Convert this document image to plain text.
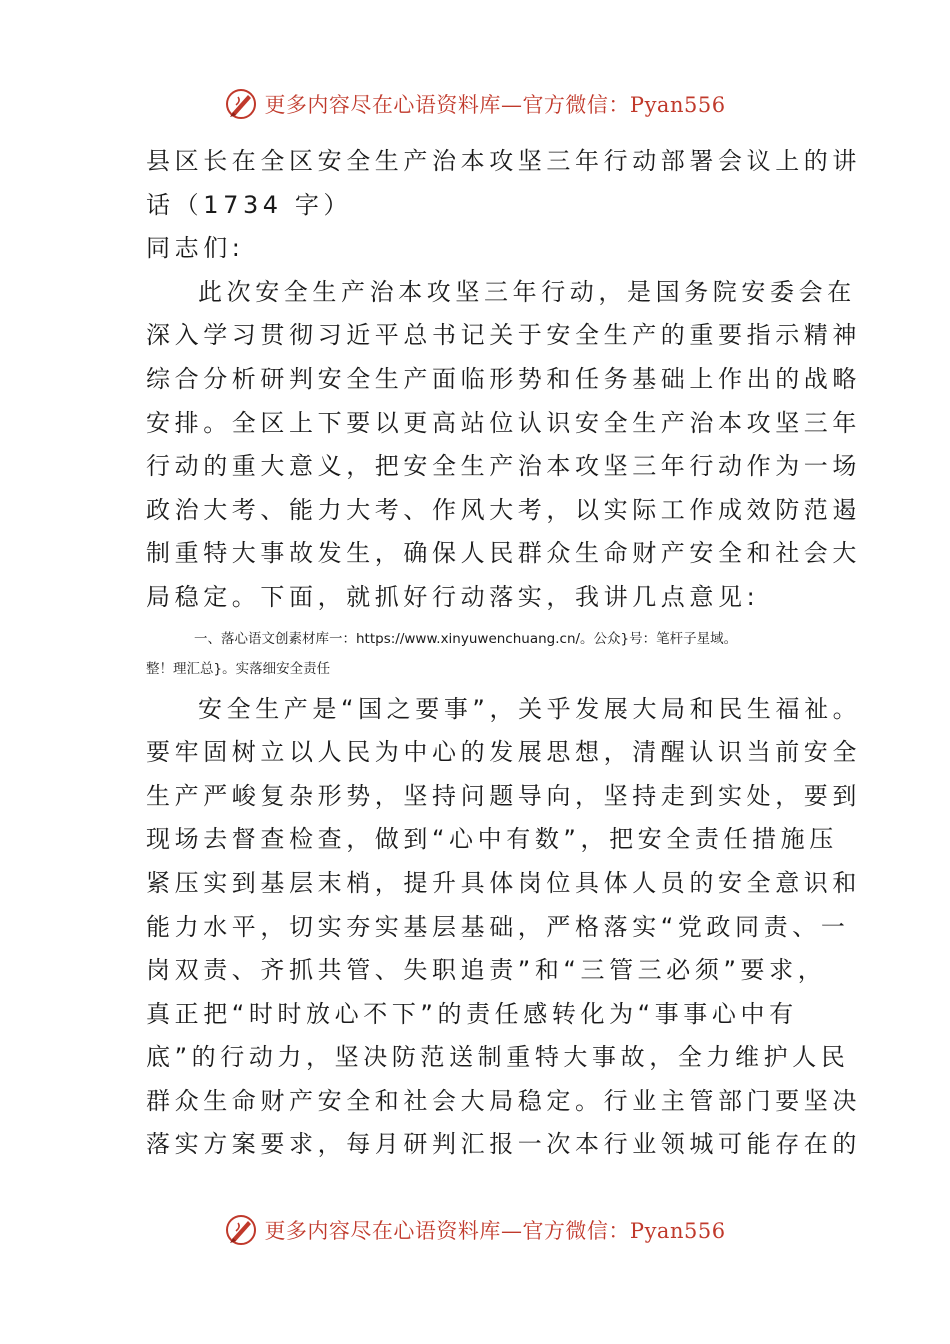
更多内容尽在心语资料库—官方微信：Pyan556
县区长在全区安全生产治本攻坚三年行动部署会议上的讲
话（1734 字）
同志们:
此次安全生产治本攻坚三年行动，是国务院安委会在
深入学习贯彻习近平总书记关于安全生产的重要指示精神
综合分析研判安全生产面临形势和任务基础上作出的战略
安排。全区上下要以更高站位认识安全生产治本攻坚三年
行动的重大意义，把安全生产治本攻坚三年行动作为一场
政治大考、能力大考、作风大考，以实际工作成效防范遏
制重特大事故发生，确保人民群众生命财产安全和社会大
局稳定。下面，就抓好行动落实，我讲几点意见:
一、落心语文创素材库一：https://www.xinyuwenchuang.cn/。公众}号：笔杆子星域。
整！理汇总}。实落细安全责任
安全生产是“国之要事”，关乎发展大局和民生福祉。
要牢固树立以人民为中心的发展思想，清醒认识当前安全
生产严峻复杂形势，坚持问题导向，坚持走到实处，要到
现场去督查检查，做到“心中有数”，把安全责任措施压
紧压实到基层末梢，提升具体岗位具体人员的安全意识和
能力水平，切实夯实基层基础，严格落实“党政同责、一
岗双责、齐抓共管、失职追责”和“三管三必须”要求，
真正把“时时放心不下”的责任感转化为“事事心中有
底”的行动力，坚决防范送制重特大事故，全力维护人民
群众生命财产安全和社会大局稳定。行业主管部门要坚决
落实方案要求，每月研判汇报一次本行业领城可能存在的
更多内容尽在心语资料库—官方微信：Pyan556
